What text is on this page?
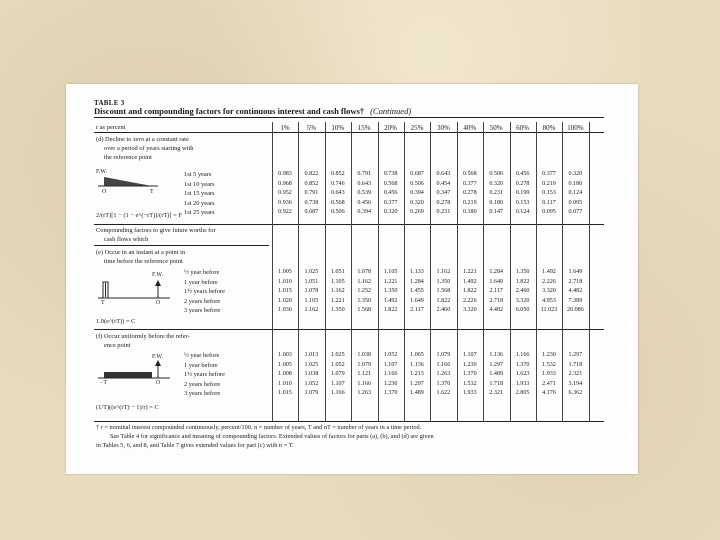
TABLE 3
Discount and compounding factors for continuous interest and cash flows† (Continued)
r as percent
(d) Decline to zero at a constant rate
over a period of years starting with
the reference point
F.W.
O	T
2/(rT)[1 − (1 − e^(−rT))/(rT)] = F
Compounding factors to give future worths for
cash flows which
(e) Occur in an instant at a point in
time before the reference point
F.W.
T	O
1.0(e^(rT)) = C
(f) Occur uniformly before the refer-
ence point
F.W.
−T	O
(1/T)((e^(rT) − 1)/r) = C
† r = nominal interest compounded continuously, percent/100. n = number of years, T and nT = number of years in a time period.
See Table 4 for significance and meaning of compounding factors. Extended values of factors for parts (a), (b), and (d) are given
in Tables 5, 6, and 8, and Table 7 gives extended values for part (c) with n = T.
1%	5%	10%	15%	20%	25%	30%	40%	50%	60%	80%	100%
1st 5 years	0.983	0.822	0.852	0.791	0.738	0.687	0.643	0.568	0.506	0.456	0.377	0.320
1st 10 years	0.968	0.852	0.746	0.643	0.568	0.506	0.454	0.377	0.320	0.278	0.219	0.180
1st 15 years	0.952	0.791	0.643	0.539	0.456	0.394	0.347	0.278	0.231	0.199	0.153	0.124
1st 20 years	0.936	0.738	0.568	0.456	0.377	0.320	0.278	0.219	0.180	0.153	0.117	0.095
1st 25 years	0.922	0.687	0.506	0.394	0.320	0.269	0.231	0.180	0.147	0.124	0.095	0.077
½ year before	1.005	1.025	1.051	1.078	1.105	1.133	1.162	1.221	1.284	1.350	1.492	1.649
1 year before	1.010	1.051	1.105	1.162	1.221	1.284	1.350	1.492	1.649	1.822	2.226	2.718
1½ years before	1.015	1.078	1.162	1.252	1.350	1.455	1.568	1.822	2.117	2.460	3.320	4.482
2 years before	1.020	1.105	1.221	1.350	1.492	1.649	1.822	2.226	2.718	3.320	4.953	7.389
3 years before	1.030	1.162	1.350	1.568	1.822	2.117	2.460	3.320	4.482	6.050	11.023	20.086
½ year before	1.003	1.013	1.025	1.038	1.052	1.065	1.079	1.107	1.136	1.166	1.230	1.297
1 year before	1.005	1.025	1.052	1.079	1.107	1.136	1.166	1.230	1.297	1.370	1.532	1.718
1½ years before	1.008	1.038	1.079	1.121	1.166	1.213	1.263	1.370	1.489	1.623	1.933	2.321
2 years before	1.010	1.052	1.107	1.166	1.230	1.297	1.370	1.532	1.718	1.933	2.471	3.194
3 years before	1.015	1.079	1.166	1.263	1.370	1.489	1.622	1.933	2.321	2.805	4.176	6.362
